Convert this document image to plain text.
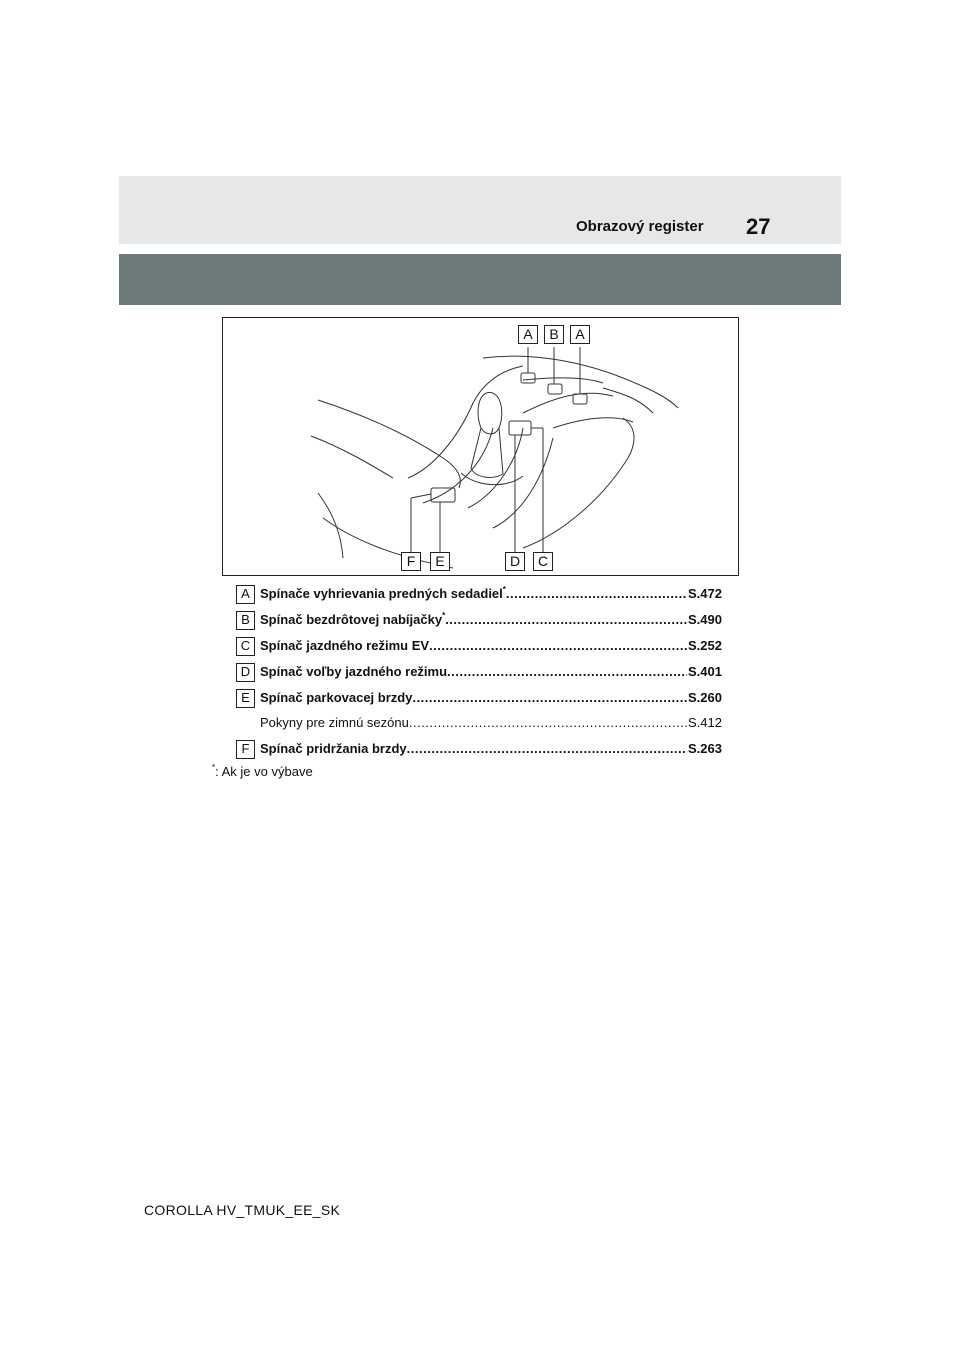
Obrazový register 27
A	B	A
F	E	D	C
A Spínače vyhrievania predných sedadiel* .....	S.472
B Spínač bezdrôtovej nabíjačky* .....	S.490
C Spínač jazdného režimu EV .....	S.252
D Spínač voľby jazdného režimu .....	S.401
E Spínač parkovacej brzdy .....	S.260
Pokyny pre zimnú sezónu .....	S.412
F Spínač pridržania brzdy .....	S.263
*: Ak je vo výbave
COROLLA HV_TMUK_EE_SK
